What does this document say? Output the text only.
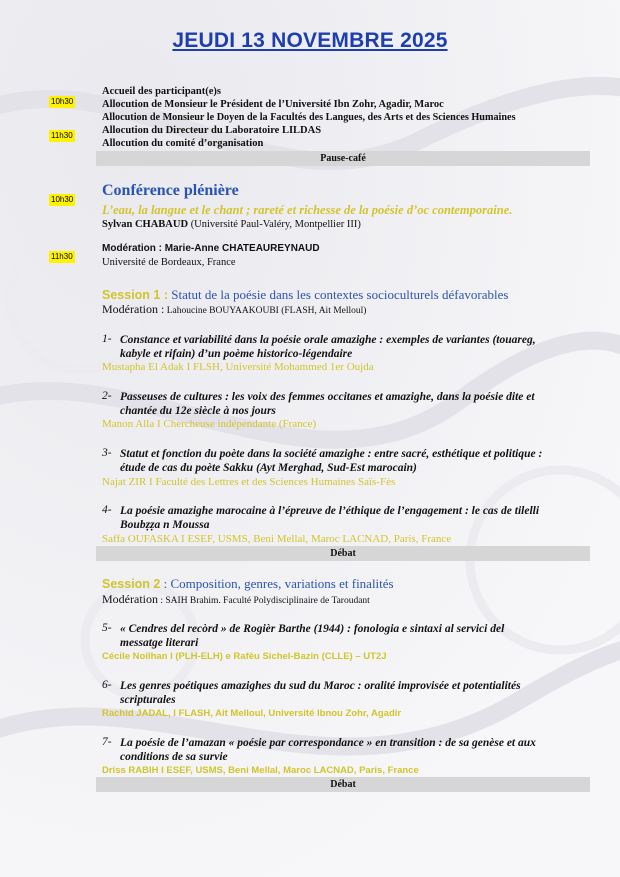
JEUDI 13 NOVEMBRE 2025
10h30
11h30
Accueil des participant(e)s
Allocution de Monsieur le Président de l’Université Ibn Zohr, Agadir, Maroc
Allocution de Monsieur le Doyen de la Facultés des Langues, des Arts et des Sciences Humaines
Allocution du Directeur du Laboratoire LILDAS
Allocution du comité d’organisation
Pause-café
10h30
11h30
Conférence plénière
L’eau, la langue et le chant ; rareté et richesse de la poésie d’oc contemporaine.
Sylvan CHABAUD (Université Paul-Valéry, Montpellier III)
Modération : Marie-Anne CHATEAUREYNAUD
Université de Bordeaux, France
Session 1 : Statut de la poésie dans les contextes socioculturels défavorables
Modération : Lahoucine BOUYAAKOUBI (FLASH, Ait Melloul)
1- Constance et variabilité dans la poésie orale amazighe : exemples de variantes (touareg,
kabyle et rifain) d’un poème historico-légendaire
Mustapha El Adak I FLSH, Université Mohammed 1er Oujda
2- Passeuses de cultures : les voix des femmes occitanes et amazighe, dans la poésie dite et
chantée du 12e siècle à nos jours
Manon Alla I Chercheuse indépendante (France)
3- Statut et fonction du poète dans la société amazighe : entre sacré, esthétique et politique :
étude de cas du poète Sakku (Ayt Merghad, Sud-Est marocain)
Najat ZIR I Faculté des Lettres et des Sciences Humaines Saïs-Fès
4- La poésie amazighe marocaine à l’épreuve de l’éthique de l’engagement : le cas de tilelli
Boubẓẓa n Moussa
Saffa OUFASKA I ESEF, USMS, Beni Mellal, Maroc LACNAD, Paris, France
Débat
Session 2 : Composition, genres, variations et finalités
Modération : SAIH Brahim. Faculté Polydisciplinaire de Taroudant
5- « Cendres del recòrd » de Rogièr Barthe (1944) : fonologia e sintaxi al servici del
messatge literari
Cécile Noilhan I (PLH-ELH) e Rafèu Sichel-Bazin (CLLE) – UT2J
6- Les genres poétiques amazighes du sud du Maroc : oralité improvisée et potentialités
scripturales
Rachid JADAL, I FLASH, Ait Melloul, Université Ibnou Zohr, Agadir
7- La poésie de l’amazan « poésie par correspondance » en transition : de sa genèse et aux
conditions de sa survie
Driss RABIH I ESEF, USMS, Beni Mellal, Maroc LACNAD, Paris, France
Débat
